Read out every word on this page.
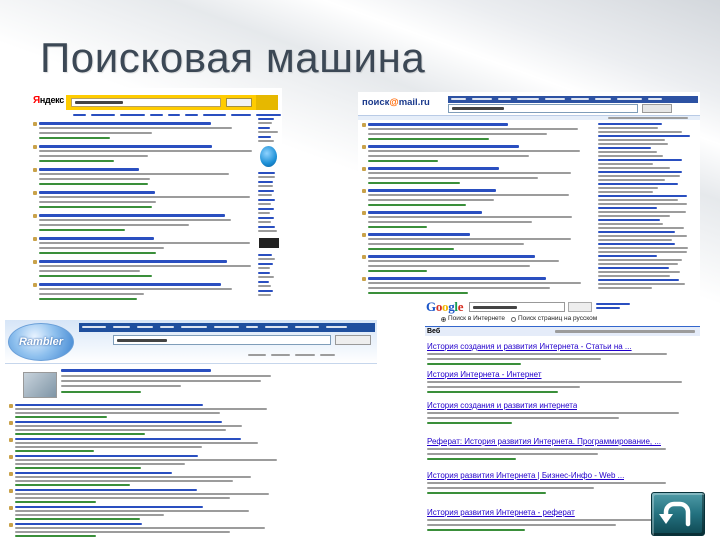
Поисковая машина
Яндекс	поиск@mail.ru
Google
Поиск в Интернете Поиск страниц на русском
Веб
История создания и развития Интернета - Статьи на ...
История Интернета - Интернет
История создания и развития интернета
Реферат: История развития Интернета. Программирование, ...
История развития Интернета | Бизнес-Инфо - Web ...
История развития Интернета - реферат
Rambler
